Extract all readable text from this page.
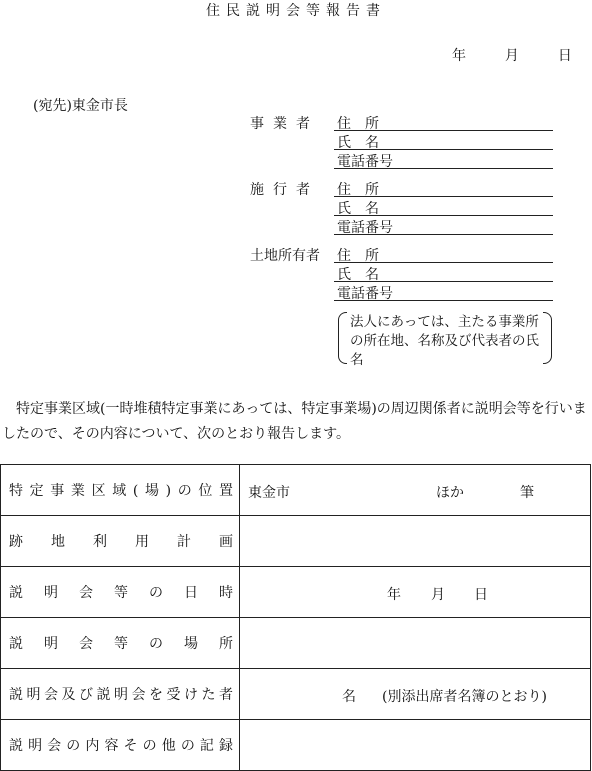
住民説明会等報告書
年	月	日
(宛先)東金市長
事業者 住　所
氏　名
電話番号
施行者 住　所
氏　名
電話番号
土地所有者 住　所
氏　名
電話番号
法人にあっては、主たる事業所の所在地、名称及び代表者の氏名
特定事業区域(一時堆積特定事業にあっては、特定事業場)の周辺関係者に説明会等を行いましたので、その内容について、次のとおり報告します。
特定事業区域(場)の位置	東金市 ほか 筆

跡地利用計画	
説明会等の日時	年 月 日

説明会等の場所	
説明会及び説明会を受けた者	名 (別添出席者名簿のとおり)

説明会の内容その他の記録	
